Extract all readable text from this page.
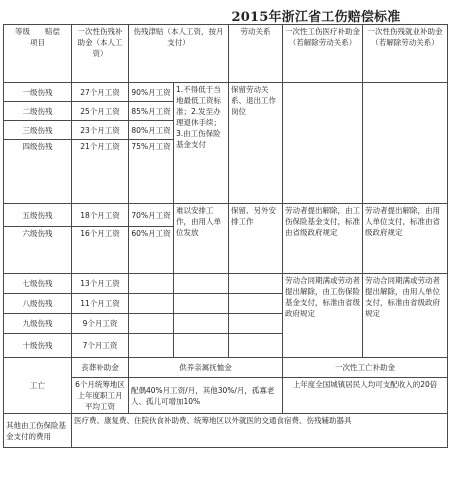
2015年浙江省工伤赔偿标准
等级　　赔偿
项目	一次性伤残补助金（本人工资）	伤残津贴（本人工资，按月支付）		劳动关系	一次性工伤医疗补助金（若解除劳动关系）	一次性伤残就业补助金（若解除劳动关系）
一级伤残	27个月工资	90%月工资	1.不得低于当地最低工资标准；2.发至办理退休手续；3.由工伤保险基金支付	保留劳动关系、退出工作岗位		
二级伤残	25个月工资	85%月工资				
三级伤残	23个月工资	80%月工资				
四级伤残	21个月工资	75%月工资				
五级伤残	18个月工资	70%月工资	难以安排工作，由用人单位发放	保留、另外安排工作	劳动者提出解除，由工伤保险基金支付，标准由省级政府规定	劳动者提出解除，由用人单位支付，标准由省级政府规定
六级伤残	16个月工资	60%月工资				
七级伤残	13个月工资				劳动合同期满或劳动者提出解除，由工伤保险基金支付，标准由省级政府规定	劳动合同期满或劳动者提出解除，由用人单位支付，标准由省级政府规定
八级伤残	11个月工资					
九级伤残	9个月工资					
十级伤残	7个月工资					
工亡	丧葬补助金	供养亲属抚恤金			一次性工亡补助金	
	6个月统筹地区上年度职工月平均工资	配偶40%月工资/月，其他30%/月，孤寡老人、孤儿可增加10%			上年度全国城镇居民人均可支配收入的20倍	
其他由工伤保险基金支付的费用	医疗费、康复费、住院伙食补助费、统筹地区以外就医的交通食宿费、伤残辅助器具					
